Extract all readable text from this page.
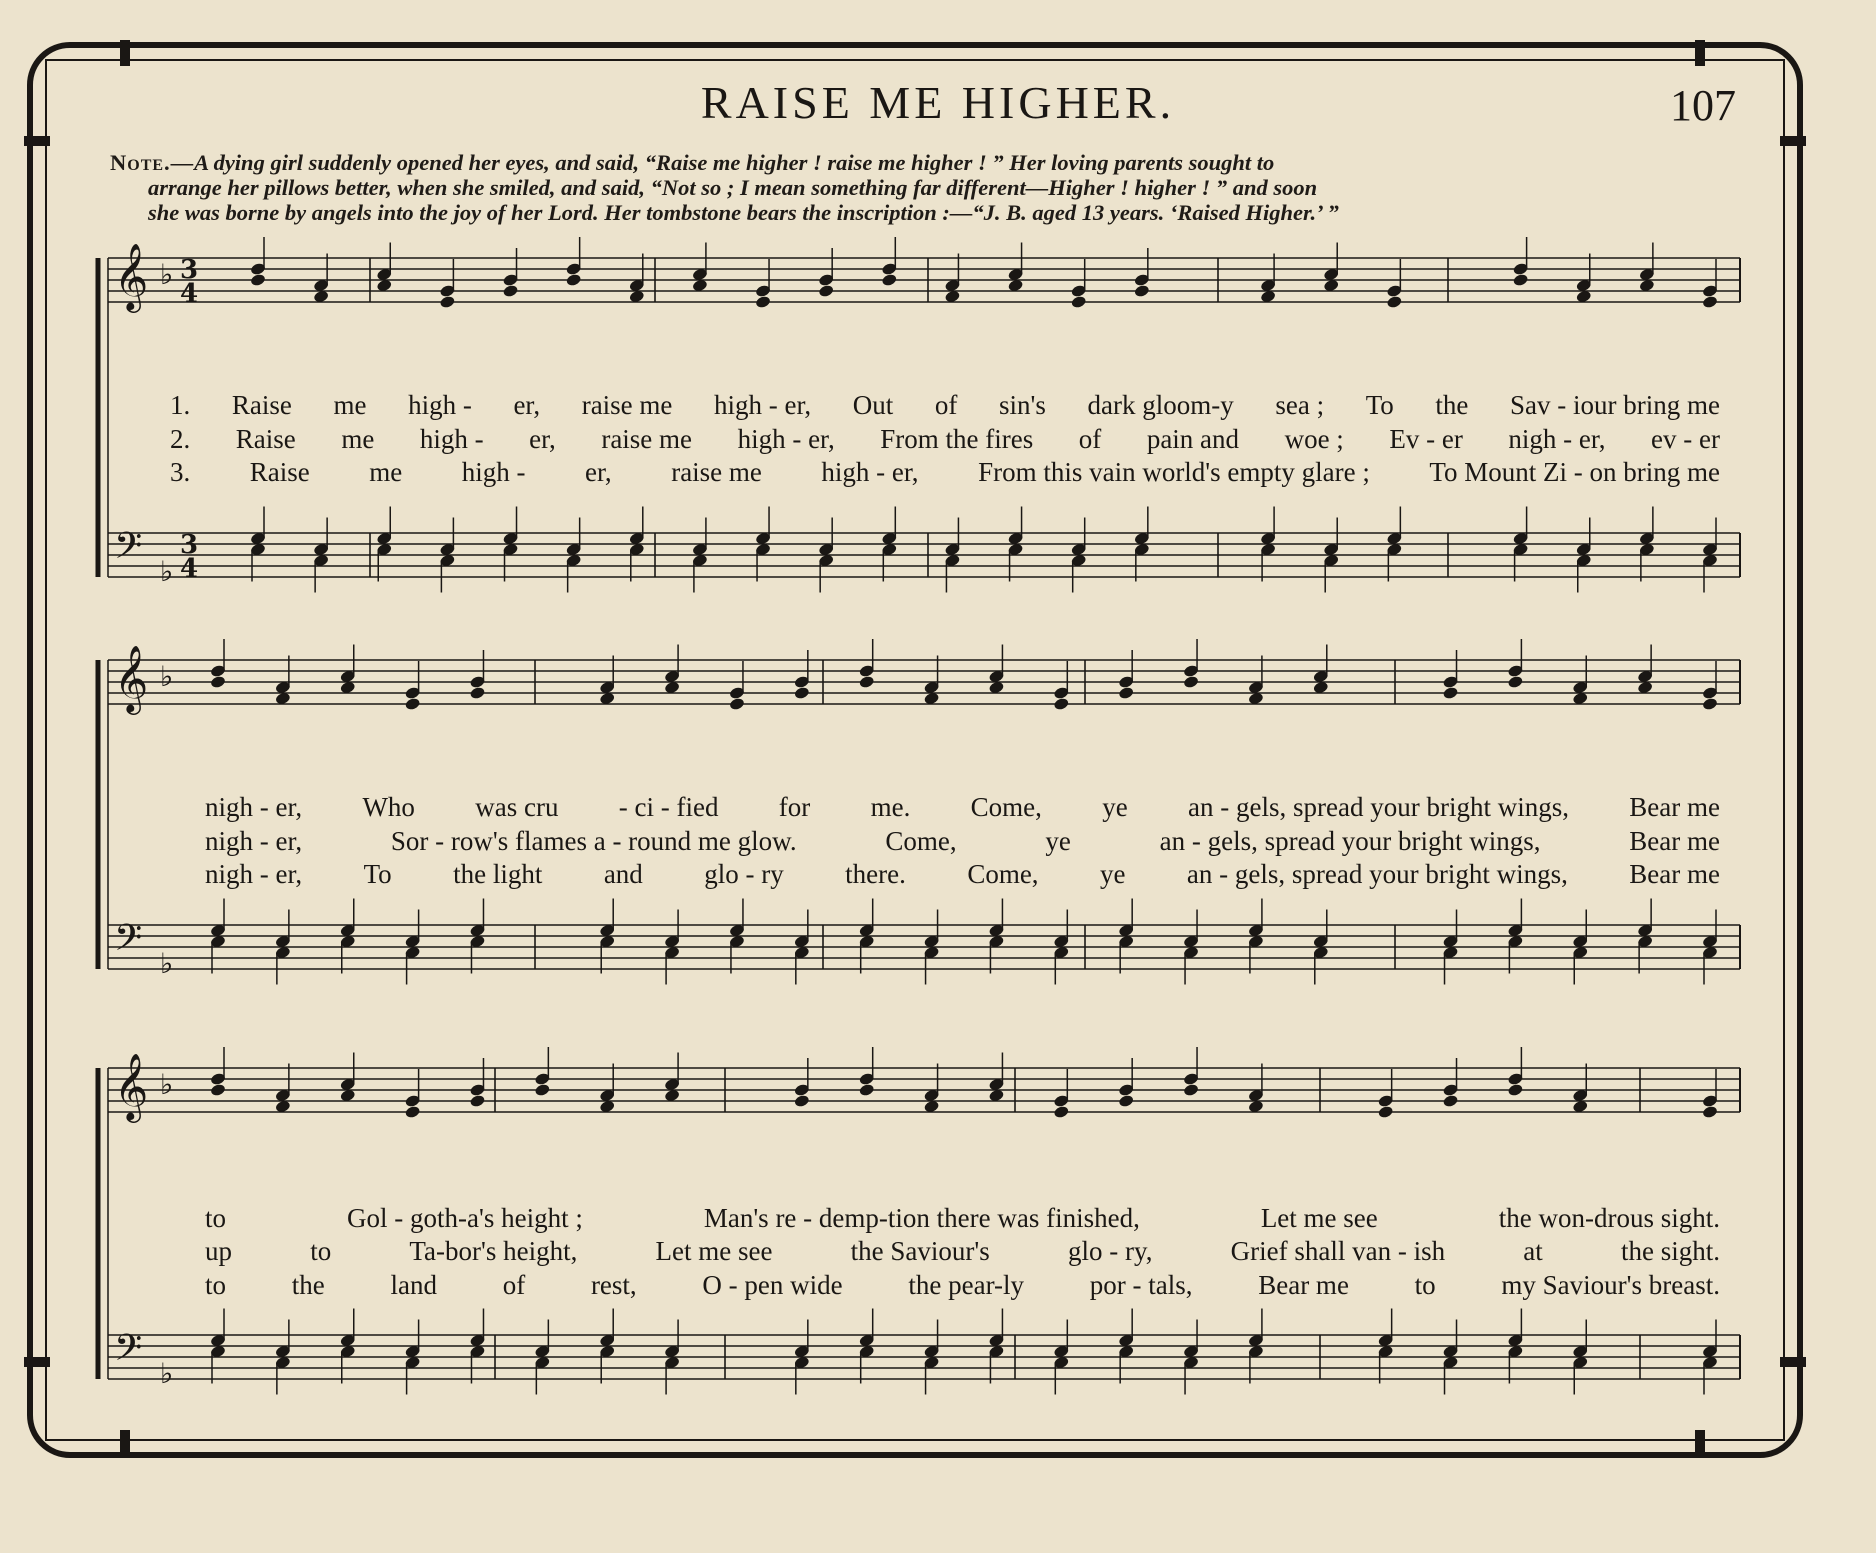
𝄞
𝄢
♭
♭
3
4
3
4
𝄞
𝄢
♭
♭
𝄞
𝄢
♭
♭
RAISE ME HIGHER.	107
Note.—A dying girl suddenly opened her eyes, and said, “Raise me higher ! raise me higher ! ” Her loving parents sought to
arrange her pillows better, when she smiled, and said, “Not so ; I mean something far different—Higher ! higher ! ” and soon
she was borne by angels into the joy of her Lord. Her tombstone bears the inscription :—“J. B. aged 13 years. ‘Raised Higher.’ ”
1. Raise me high - er, raise me high - er, Out of sin's dark gloom-y sea ; To the Sav - iour bring me
2. Raise me high - er, raise me high - er, From the fires of pain and woe ; Ev - er nigh - er, ev - er
3. Raise me high - er, raise me high - er, From this vain world's empty glare ; To Mount Zi - on bring me
nigh - er, Who was cru - ci - fied for me. Come, ye an - gels, spread your bright wings, Bear me
nigh - er,	Sor - row's flames a - round me glow.	Come,	ye	an - gels, spread your bright wings,	Bear me
nigh - er, To the light and glo - ry there. Come, ye an - gels, spread your bright wings, Bear me
to	Gol - goth-a's height ;	Man's re - demp-tion there was finished,	Let me see	the won-drous sight.
up	to	Ta-bor's height,	Let me see	the Saviour's	glo - ry,	Grief shall van - ish	at	the sight.
to the land of rest, O - pen wide the pear-ly por - tals, Bear me to my Saviour's breast.
